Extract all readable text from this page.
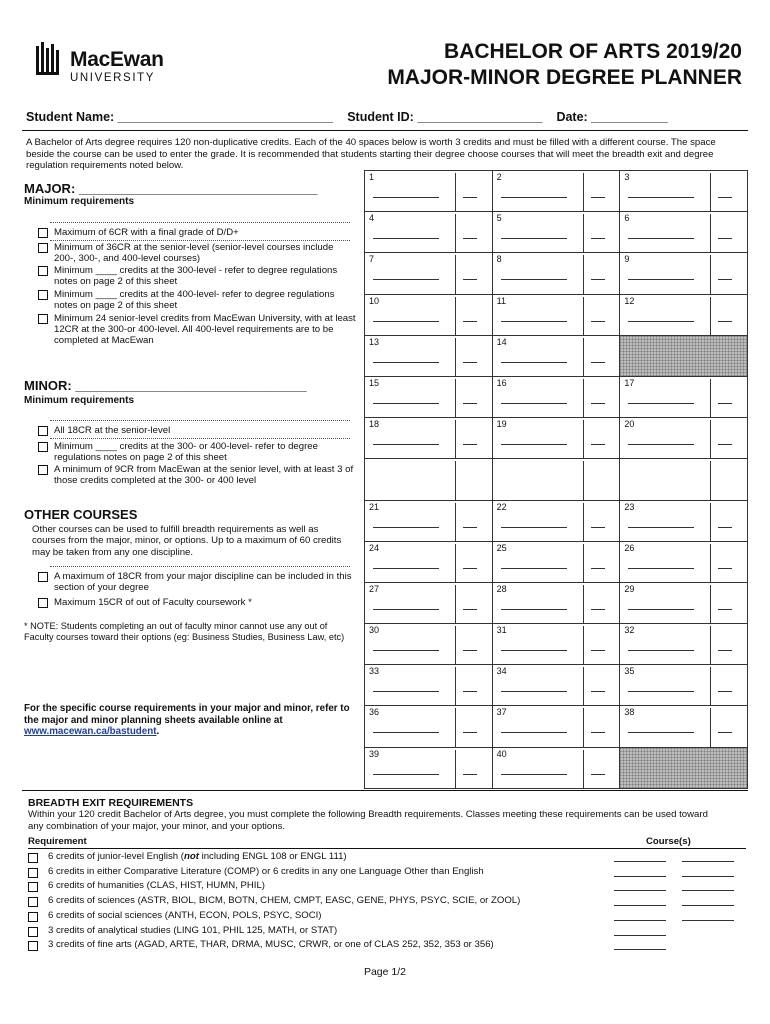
MacEwan
UNIVERSITY
BACHELOR OF ARTS 2019/20
MAJOR-MINOR DEGREE PLANNER
Student Name: _______________________________ Student ID: __________________ Date: ___________
A Bachelor of Arts degree requires 120 non-duplicative credits. Each of the 40 spaces below is worth 3 credits and must be filled with a different course. The space beside the course can be used to enter the grade. It is recommended that students starting their degree choose courses that will meet the breadth exit and degree regulation requirements noted below.
MAJOR: _________________________________
Minimum requirements
Maximum of 6CR with a final grade of D/D+
Minimum of 36CR at the senior-level (senior-level courses include 200-, 300-, and 400-level courses)
Minimum ____ credits at the 300-level - refer to degree regulations notes on page 2 of this sheet
Minimum ____ credits at the 400-level- refer to degree regulations notes on page 2 of this sheet
Minimum 24 senior-level credits from MacEwan University, with at least 12CR at the 300-or 400-level. All 400-level requirements are to be completed at MacEwan
MINOR: ________________________________
Minimum requirements
All 18CR at the senior-level
Minimum ____ credits at the 300- or 400-level- refer to degree regulations notes on page 2 of this sheet
A minimum of 9CR from MacEwan at the senior level, with at least 3 of those credits completed at the 300- or 400 level
OTHER COURSES
Other courses can be used to fulfill breadth requirements as well as courses from the major, minor, or options. Up to a maximum of 60 credits may be taken from any one discipline.
A maximum of 18CR from your major discipline can be included in this section of your degree
Maximum 15CR of out of Faculty coursework *
* NOTE: Students completing an out of faculty minor cannot use any out of Faculty courses toward their options (eg: Business Studies, Business Law, etc)
For the specific course requirements in your major and minor, refer to the major and minor planning sheets available online at www.macewan.ca/bastudent.
1	2	3
4	5	6
7	8	9
10	11	12
13	14
15	16	17
18	19	20
21	22	23
24	25	26
27	28	29
30	31	32
33	34	35
36	37	38
39	40
BREADTH EXIT REQUIREMENTS
Within your 120 credit Bachelor of Arts degree, you must complete the following Breadth requirements. Classes meeting these requirements can be used toward any combination of your major, your minor, and your options.
Requirement	Course(s)
6 credits of junior-level English (not including ENGL 108 or ENGL 111)
6 credits in either Comparative Literature (COMP) or 6 credits in any one Language Other than English
6 credits of humanities (CLAS, HIST, HUMN, PHIL)
6 credits of sciences (ASTR, BIOL, BICM, BOTN, CHEM, CMPT, EASC, GENE, PHYS, PSYC, SCIE, or ZOOL)
6 credits of social sciences (ANTH, ECON, POLS, PSYC, SOCI)
3 credits of analytical studies (LING 101, PHIL 125, MATH, or STAT)
3 credits of fine arts (AGAD, ARTE, THAR, DRMA, MUSC, CRWR, or one of CLAS 252, 352, 353 or 356)
Page 1/2
